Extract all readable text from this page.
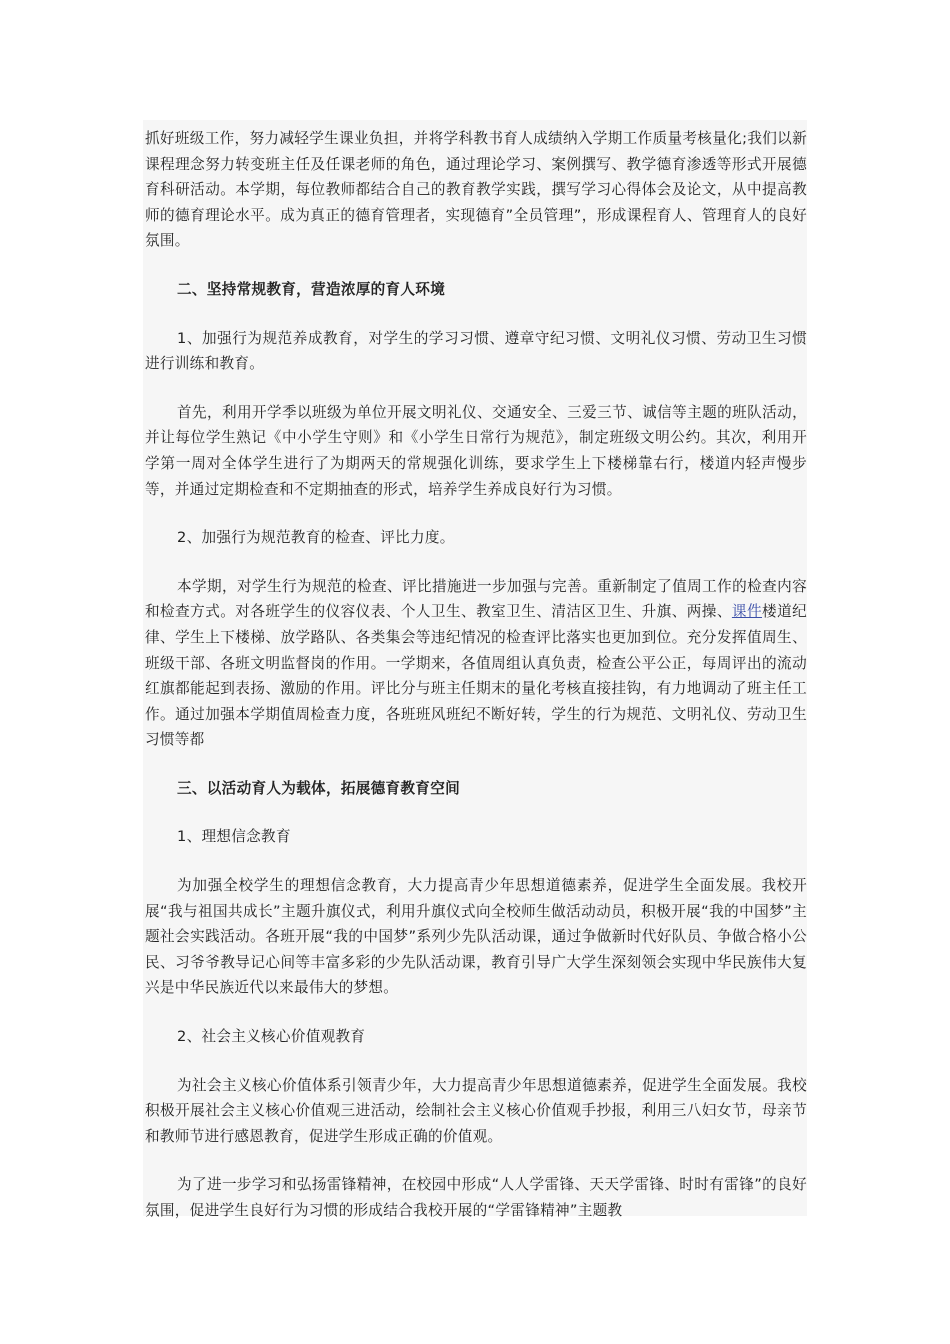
抓好班级工作，努力减轻学生课业负担，并将学科教书育人成绩纳入学期工作质量考核量化;我们以新课程理念努力转变班主任及任课老师的角色，通过理论学习、案例撰写、教学德育渗透等形式开展德育科研活动。本学期，每位教师都结合自己的教育教学实践，撰写学习心得体会及论文，从中提高教师的德育理论水平。成为真正的德育管理者，实现德育”全员管理”，形成课程育人、管理育人的良好氛围。

二、坚持常规教育，营造浓厚的育人环境

1、加强行为规范养成教育，对学生的学习习惯、遵章守纪习惯、文明礼仪习惯、劳动卫生习惯进行训练和教育。

首先，利用开学季以班级为单位开展文明礼仪、交通安全、三爱三节、诚信等主题的班队活动，并让每位学生熟记《中小学生守则》和《小学生日常行为规范》，制定班级文明公约。其次，利用开学第一周对全体学生进行了为期两天的常规强化训练，要求学生上下楼梯靠右行，楼道内轻声慢步等，并通过定期检查和不定期抽查的形式，培养学生养成良好行为习惯。

2、加强行为规范教育的检查、评比力度。

本学期，对学生行为规范的检查、评比措施进一步加强与完善。重新制定了值周工作的检查内容和检查方式。对各班学生的仪容仪表、个人卫生、教室卫生、清洁区卫生、升旗、两操、课件楼道纪律、学生上下楼梯、放学路队、各类集会等违纪情况的检查评比落实也更加到位。充分发挥值周生、班级干部、各班文明监督岗的作用。一学期来，各值周组认真负责，检查公平公正，每周评出的流动红旗都能起到表扬、激励的作用。评比分与班主任期末的量化考核直接挂钩，有力地调动了班主任工作。通过加强本学期值周检查力度，各班班风班纪不断好转，学生的行为规范、文明礼仪、劳动卫生习惯等都

三、以活动育人为载体，拓展德育教育空间

1、理想信念教育

为加强全校学生的理想信念教育，大力提高青少年思想道德素养，促进学生全面发展。我校开展“我与祖国共成长”主题升旗仪式，利用升旗仪式向全校师生做活动动员，积极开展“我的中国梦”主题社会实践活动。各班开展“我的中国梦”系列少先队活动课，通过争做新时代好队员、争做合格小公民、习爷爷教导记心间等丰富多彩的少先队活动课，教育引导广大学生深刻领会实现中华民族伟大复兴是中华民族近代以来最伟大的梦想。

2、社会主义核心价值观教育

为社会主义核心价值体系引领青少年，大力提高青少年思想道德素养，促进学生全面发展。我校积极开展社会主义核心价值观三进活动，绘制社会主义核心价值观手抄报，利用三八妇女节，母亲节和教师节进行感恩教育，促进学生形成正确的价值观。

为了进一步学习和弘扬雷锋精神，在校园中形成“人人学雷锋、天天学雷锋、时时有雷锋”的良好氛围，促进学生良好行为习惯的形成结合我校开展的“学雷锋精神”主题教
